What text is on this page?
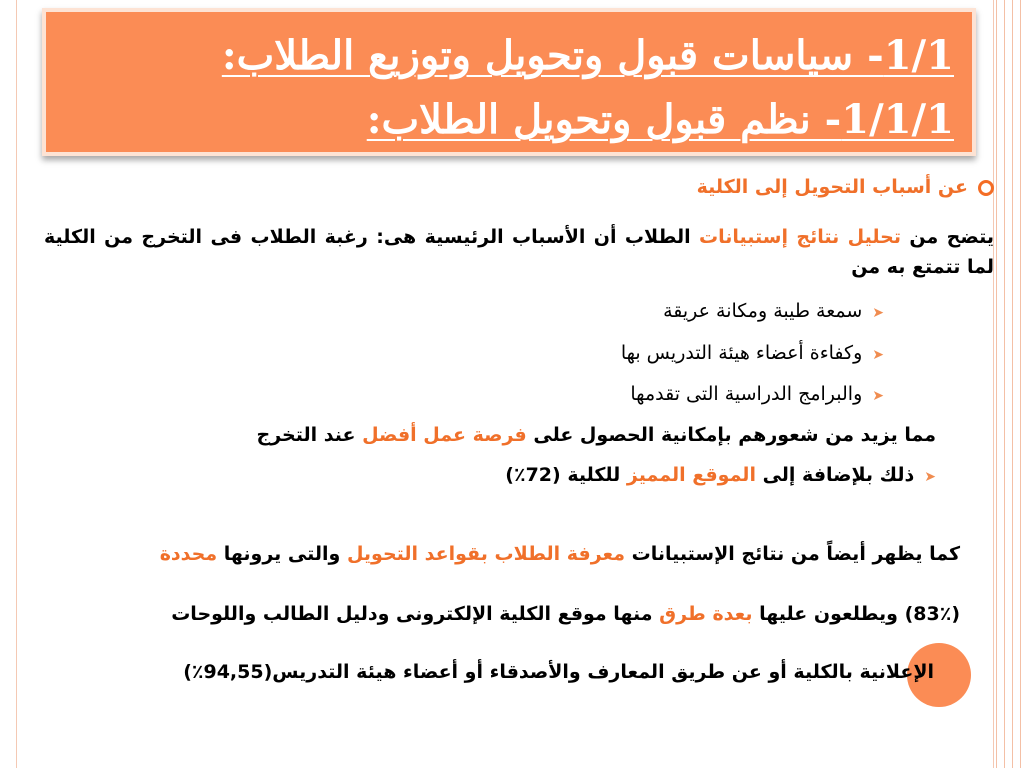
1/1- سياسات قبول وتحويل وتوزيع الطلاب:
1/1/1- نظم قبول وتحويل الطلاب:
عن أسباب التحويل إلى الكلية
يتضح من تحليل نتائج إستبيانات الطلاب أن الأسباب الرئيسية هى: رغبة الطلاب فى التخرج من الكلية لما تتمتع به من
➤سمعة طيبة ومكانة عريقة
➤وكفاءة أعضاء هيئة التدريس بها
➤والبرامج الدراسية التى تقدمها
مما يزيد من شعورهم بإمكانية الحصول على فرصة عمل أفضل عند التخرج
➤ذلك بلإضافة إلى الموقع المميز للكلية (72٪)
كما يظهر أيضاً من نتائج الإستبيانات معرفة الطلاب بقواعد التحويل والتى يرونها محددة
(83٪) ويطلعون عليها بعدة طرق منها موقع الكلية الإلكترونى ودليل الطالب واللوحات
الإعلانية بالكلية أو عن طريق المعارف والأصدقاء أو أعضاء هيئة التدريس(94,55٪)
